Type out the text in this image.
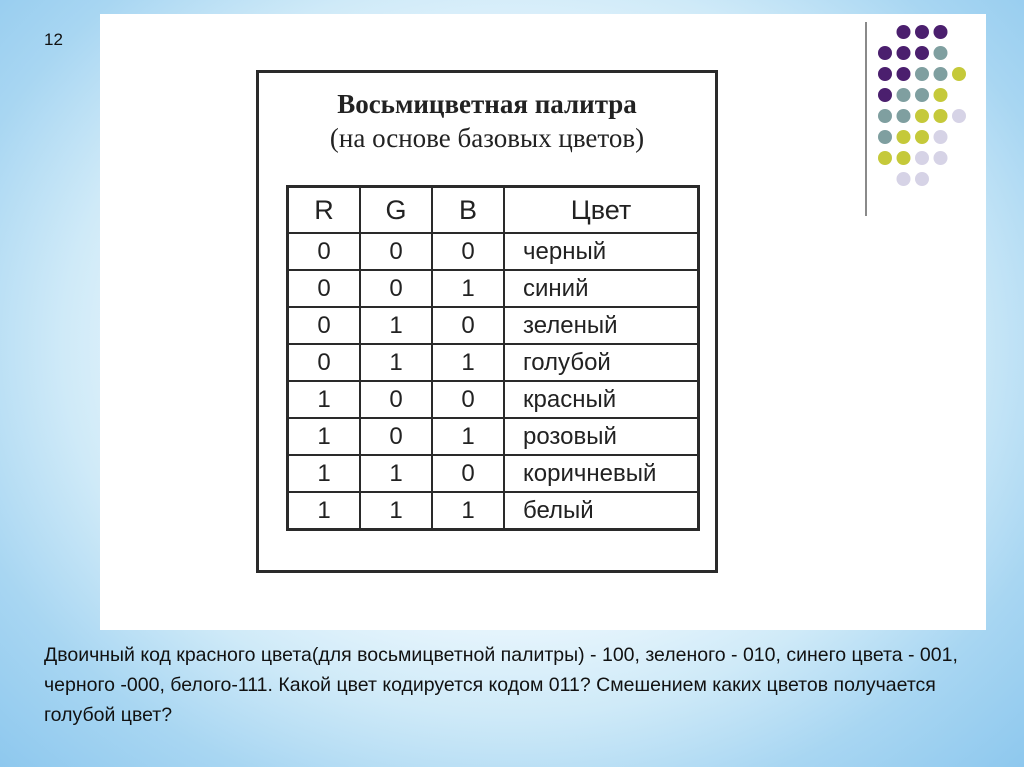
12
Восьмицветная палитра
(на основе базовых цветов)
R	G	B	Цвет
0	0	0	черный
0	0	1	синий
0	1	0	зеленый
0	1	1	голубой
1	0	0	красный
1	0	1	розовый
1	1	0	коричневый
1	1	1	белый
Двоичный код красного цвета(для восьмицветной палитры) - 100, зеленого - 010, синего цвета - 001, черного -000, белого-111. Какой цвет кодируется кодом 011? Смешением каких цветов получается голубой цвет?
